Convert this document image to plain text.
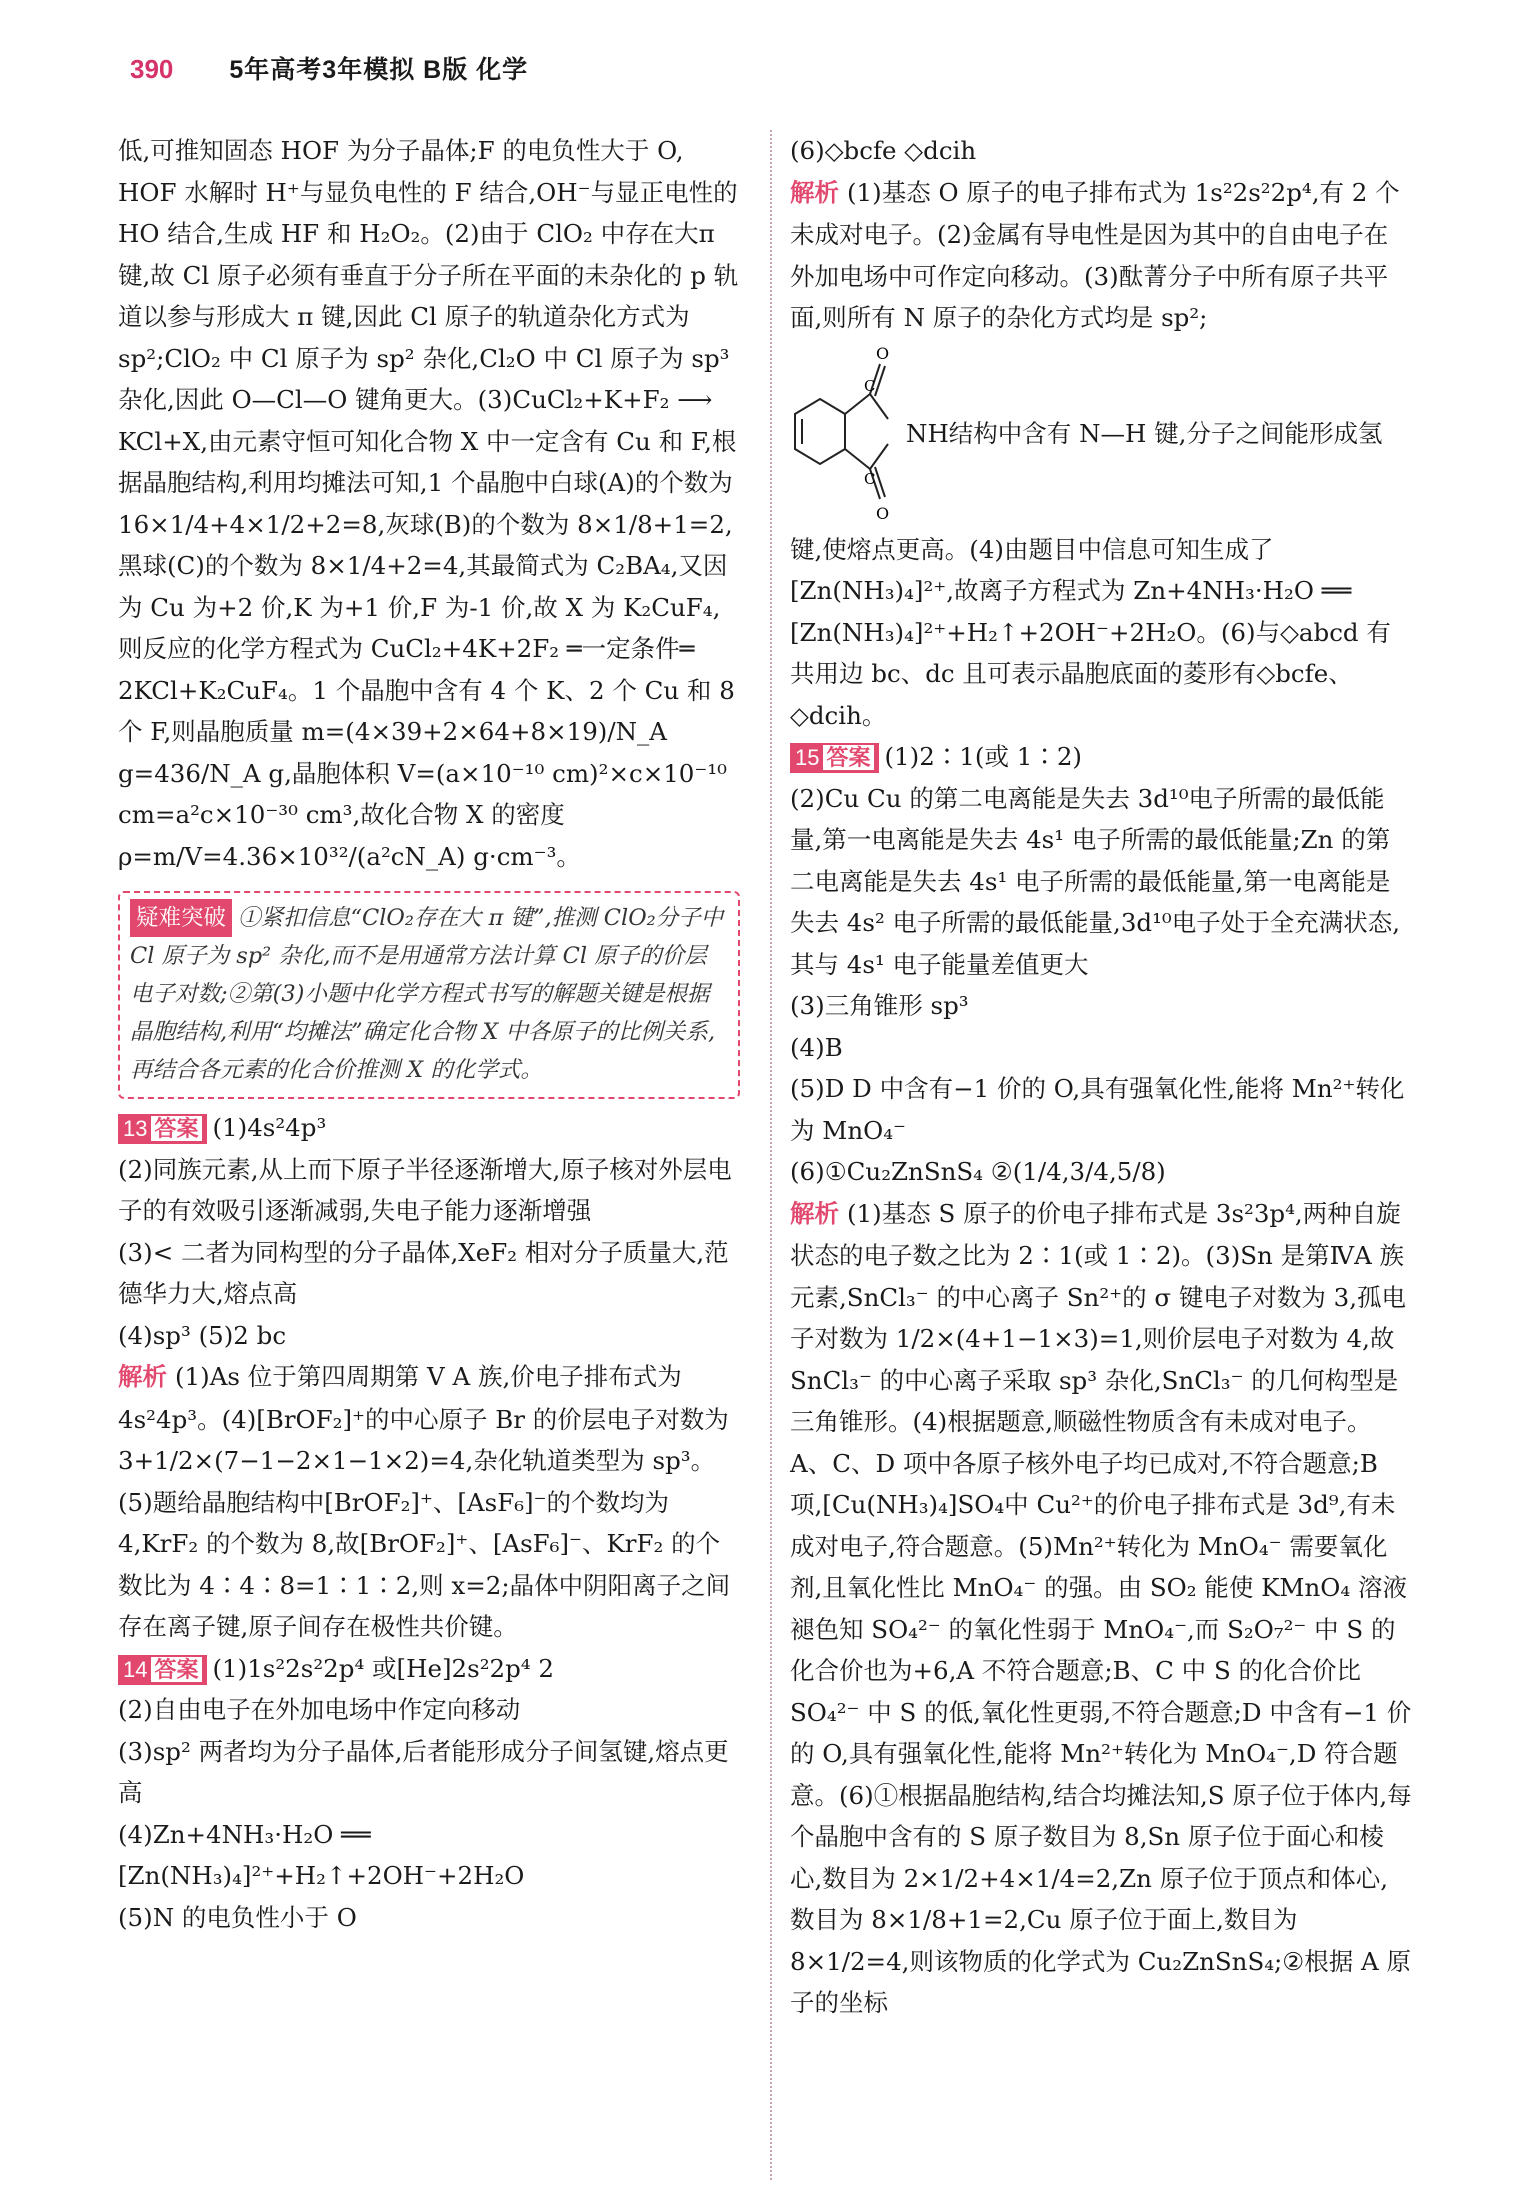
390 5年高考3年模拟 B版 化学

低,可推知固态 HOF 为分子晶体;F 的电负性大于 O, HOF 水解时 H⁺与显负电性的 F 结合,OH⁻与显正电性的 HO 结合,生成 HF 和 H₂O₂。(2)由于 ClO₂ 中存在大π键,故 Cl 原子必须有垂直于分子所在平面的未杂化的 p 轨道以参与形成大 π 键,因此 Cl 原子的轨道杂化方式为 sp²;ClO₂ 中 Cl 原子为 sp² 杂化,Cl₂O 中 Cl 原子为 sp³ 杂化,因此 O—Cl—O 键角更大。(3)CuCl₂+K+F₂ ⟶ KCl+X,由元素守恒可知化合物 X 中一定含有 Cu 和 F,根据晶胞结构,利用均摊法可知,1 个晶胞中白球(A)的个数为 16×1/4+4×1/2+2=8,灰球(B)的个数为 8×1/8+1=2,黑球(C)的个数为 8×1/4+2=4,其最简式为 C₂BA₄,又因为 Cu 为+2 价,K 为+1 价,F 为-1 价,故 X 为 K₂CuF₄,则反应的化学方程式为 CuCl₂+4K+2F₂ ═一定条件═ 2KCl+K₂CuF₄。1 个晶胞中含有 4 个 K、2 个 Cu 和 8 个 F,则晶胞质量 m=(4×39+2×64+8×19)/N_A g=436/N_A g,晶胞体积 V=(a×10⁻¹⁰ cm)²×c×10⁻¹⁰ cm=a²c×10⁻³⁰ cm³,故化合物 X 的密度 ρ=m/V=4.36×10³²/(a²cN_A) g·cm⁻³。

疑难突破 ①紧扣信息“ClO₂存在大 π 键”,推测 ClO₂分子中 Cl 原子为 sp² 杂化,而不是用通常方法计算 Cl 原子的价层电子对数;②第(3)小题中化学方程式书写的解题关键是根据晶胞结构,利用“均摊法”确定化合物 X 中各原子的比例关系,再结合各元素的化合价推测 X 的化学式。

13 答案 (1)4s²4p³

(2)同族元素,从上而下原子半径逐渐增大,原子核对外层电子的有效吸引逐渐减弱,失电子能力逐渐增强

(3)< 二者为同构型的分子晶体,XeF₂ 相对分子质量大,范德华力大,熔点高

(4)sp³ (5)2 bc

解析 (1)As 位于第四周期第 V A 族,价电子排布式为 4s²4p³。(4)[BrOF₂]⁺的中心原子 Br 的价层电子对数为 3+1/2×(7−1−2×1−1×2)=4,杂化轨道类型为 sp³。(5)题给晶胞结构中[BrOF₂]⁺、[AsF₆]⁻的个数均为 4,KrF₂ 的个数为 8,故[BrOF₂]⁺、[AsF₆]⁻、KrF₂ 的个数比为 4∶4∶8=1∶1∶2,则 x=2;晶体中阴阳离子之间存在离子键,原子间存在极性共价键。

14 答案 (1)1s²2s²2p⁴ 或[He]2s²2p⁴ 2

(2)自由电子在外加电场中作定向移动

(3)sp² 两者均为分子晶体,后者能形成分子间氢键,熔点更高

(4)Zn+4NH₃·H₂O ══ [Zn(NH₃)₄]²⁺+H₂↑+2OH⁻+2H₂O

(5)N 的电负性小于 O

(6)◇bcfe ◇dcih

解析 (1)基态 O 原子的电子排布式为 1s²2s²2p⁴,有 2 个未成对电子。(2)金属有导电性是因为其中的自由电子在外加电场中可作定向移动。(3)酞菁分子中所有原子共平面,则所有 N 原子的杂化方式均是 sp²;

O
C
C
O
NH结构中含有 N—H 键,分子之间能形成氢

键,使熔点更高。(4)由题目中信息可知生成了[Zn(NH₃)₄]²⁺,故离子方程式为 Zn+4NH₃·H₂O ══ [Zn(NH₃)₄]²⁺+H₂↑+2OH⁻+2H₂O。(6)与◇abcd 有共用边 bc、dc 且可表示晶胞底面的菱形有◇bcfe、◇dcih。

15 答案 (1)2∶1(或 1∶2)

(2)Cu Cu 的第二电离能是失去 3d¹⁰电子所需的最低能量,第一电离能是失去 4s¹ 电子所需的最低能量;Zn 的第二电离能是失去 4s¹ 电子所需的最低能量,第一电离能是失去 4s² 电子所需的最低能量,3d¹⁰电子处于全充满状态,其与 4s¹ 电子能量差值更大

(3)三角锥形 sp³

(4)B

(5)D D 中含有−1 价的 O,具有强氧化性,能将 Mn²⁺转化为 MnO₄⁻

(6)①Cu₂ZnSnS₄ ②(1/4,3/4,5/8)

解析 (1)基态 S 原子的价电子排布式是 3s²3p⁴,两种自旋状态的电子数之比为 2∶1(或 1∶2)。(3)Sn 是第ⅣA 族元素,SnCl₃⁻ 的中心离子 Sn²⁺的 σ 键电子对数为 3,孤电子对数为 1/2×(4+1−1×3)=1,则价层电子对数为 4,故 SnCl₃⁻ 的中心离子采取 sp³ 杂化,SnCl₃⁻ 的几何构型是三角锥形。(4)根据题意,顺磁性物质含有未成对电子。A、C、D 项中各原子核外电子均已成对,不符合题意;B 项,[Cu(NH₃)₄]SO₄中 Cu²⁺的价电子排布式是 3d⁹,有未成对电子,符合题意。(5)Mn²⁺转化为 MnO₄⁻ 需要氧化剂,且氧化性比 MnO₄⁻ 的强。由 SO₂ 能使 KMnO₄ 溶液褪色知 SO₄²⁻ 的氧化性弱于 MnO₄⁻,而 S₂O₇²⁻ 中 S 的化合价也为+6,A 不符合题意;B、C 中 S 的化合价比 SO₄²⁻ 中 S 的低,氧化性更弱,不符合题意;D 中含有−1 价的 O,具有强氧化性,能将 Mn²⁺转化为 MnO₄⁻,D 符合题意。(6)①根据晶胞结构,结合均摊法知,S 原子位于体内,每个晶胞中含有的 S 原子数目为 8,Sn 原子位于面心和棱心,数目为 2×1/2+4×1/4=2,Zn 原子位于顶点和体心,数目为 8×1/8+1=2,Cu 原子位于面上,数目为 8×1/2=4,则该物质的化学式为 Cu₂ZnSnS₄;②根据 A 原子的坐标
